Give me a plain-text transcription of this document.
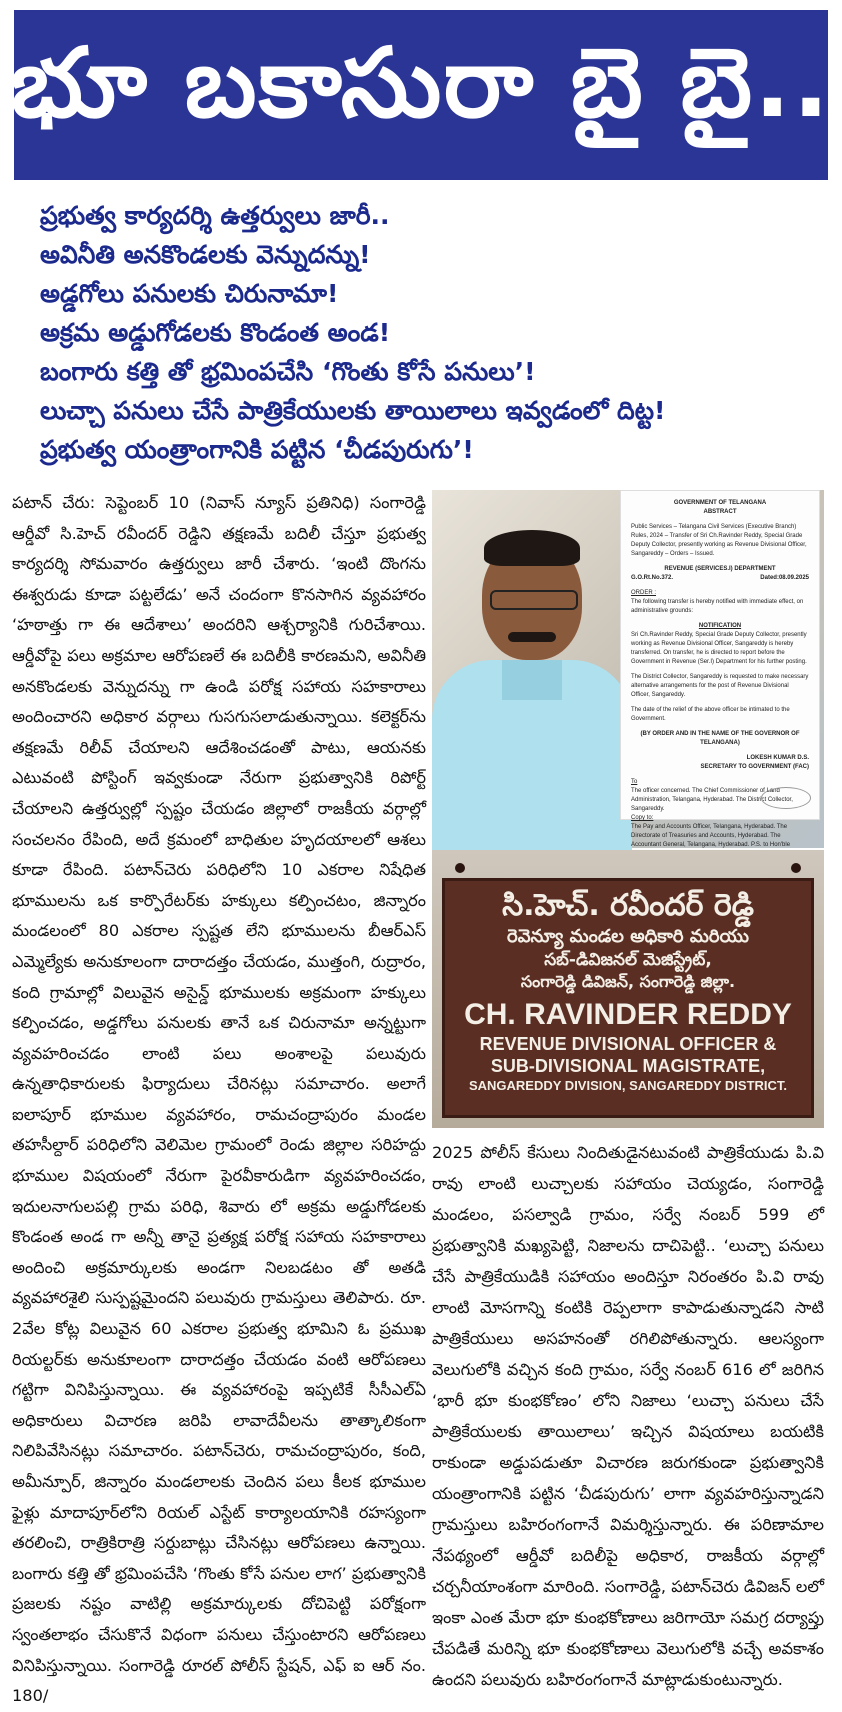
భూ బకాసురా బై బై..
ప్రభుత్వ కార్యదర్శి ఉత్తర్వులు జారీ..
అవినీతి అనకొండలకు వెన్నుదన్ను!
అడ్డగోలు పనులకు చిరునామా!
అక్రమ అడ్డుగోడలకు కొండంత అండ!
బంగారు కత్తి తో భ్రమింపచేసి ‘గొంతు కోసే పనులు’!
లుచ్చా పనులు చేసే పాత్రికేయులకు తాయిలాలు ఇవ్వడంలో దిట్ట!
ప్రభుత్వ యంత్రాంగానికి పట్టిన ‘చీడపురుగు’!

పటాన్ చేరు: సెప్టెంబర్ 10 (నివాస్ న్యూస్ ప్రతినిధి) సంగారెడ్డి ఆర్డీవో సి.హెచ్ రవీందర్ రెడ్డిని తక్షణమే బదిలీ చేస్తూ ప్రభుత్వ కార్యదర్శి సోమవారం ఉత్తర్వులు జారీ చేశారు. ‘ఇంటి దొంగను ఈశ్వరుడు కూడా పట్టలేడు’ అనే చందంగా కొనసాగిన వ్యవహారం ‘హఠాత్తు గా ఈ ఆదేశాలు’ అందరిని ఆశ్చర్యానికి గురిచేశాయి. ఆర్డీవోపై పలు అక్రమాల ఆరోపణలే ఈ బదిలీకి కారణమని, అవినీతి అనకొండలకు వెన్నుదన్ను గా ఉండి పరోక్ష సహాయ సహకారాలు అందించారని అధికార వర్గాలు గుసగుసలాడుతున్నాయి. కలెక్టర్‌ను తక్షణమే రిలీవ్ చేయాలని ఆదేశించడంతో పాటు, ఆయనకు ఎటువంటి పోస్టింగ్ ఇవ్వకుండా నేరుగా ప్రభుత్వానికి రిపోర్ట్ చేయాలని ఉత్తర్వుల్లో స్పష్టం చేయడం జిల్లాలో రాజకీయ వర్గాల్లో సంచలనం రేపింది, అదే క్రమంలో బాధితుల హృదయాలలో ఆశలు కూడా రేపింది. పటాన్‌చెరు పరిధిలోని 10 ఎకరాల నిషేధిత భూములను ఒక కార్పొరేటర్‌కు హక్కులు కల్పించటం, జిన్నారం మండలంలో 80 ఎకరాల స్పష్టత లేని భూములను బీఆర్ఎస్ ఎమ్మెల్యేకు అనుకూలంగా దారాదత్తం చేయడం, ముత్తంగి, రుద్రారం, కంది గ్రామాల్లో విలువైన అసైన్డ్ భూములకు అక్రమంగా హక్కులు కల్పించడం, అడ్డగోలు పనులకు తానే ఒక చిరునామా అన్నట్టుగా వ్యవహరించడం లాంటి పలు అంశాలపై పలువురు ఉన్నతాధికారులకు ఫిర్యాదులు చేరినట్లు సమాచారం. అలాగే ఐలాపూర్ భూముల వ్యవహారం, రామచంద్రాపురం మండల తహసీల్దార్ పరిధిలోని వెలిమెల గ్రామంలో రెండు జిల్లాల సరిహద్దు భూముల విషయంలో నేరుగా పైరవీకారుడిగా వ్యవహరించడం, ఇదులనాగులపల్లి గ్రామ పరిధి, శివారు లో అక్రమ అడ్డుగోడలకు కొండంత అండ గా అన్నీ తానై ప్రత్యక్ష పరోక్ష సహాయ సహకారాలు అందించి అక్రమార్కులకు అండగా నిలబడటం తో అతడి వ్యవహారశైలి సుస్పష్టమైందని పలువురు గ్రామస్తులు తెలిపారు. రూ. 2వేల కోట్ల విలువైన 60 ఎకరాల ప్రభుత్వ భూమిని ఓ ప్రముఖ రియల్టర్‌కు అనుకూలంగా దారాదత్తం చేయడం వంటి ఆరోపణలు గట్టిగా వినిపిస్తున్నాయి. ఈ వ్యవహారంపై ఇప్పటికే సీసీఎల్ఏ అధికారులు విచారణ జరిపి లావాదేవీలను తాత్కాలికంగా నిలిపివేసినట్లు సమాచారం. పటాన్‌చెరు, రామచంద్రాపురం, కంది, అమీన్పూర్, జిన్నారం మండలాలకు చెందిన పలు కీలక భూముల ఫైళ్లు మాదాపూర్‌లోని రియల్ ఎస్టేట్ కార్యాలయానికి రహస్యంగా తరలించి, రాత్రికిరాత్రి సర్దుబాట్లు చేసినట్లు ఆరోపణలు ఉన్నాయి. బంగారు కత్తి తో భ్రమింపచేసి ‘గొంతు కోసే పనుల లాగ’ ప్రభుత్వానికి ప్రజలకు నష్టం వాటిల్లి అక్రమార్కులకు దోచిపెట్టి పరోక్షంగా స్వంతలాభం చేసుకొనే విధంగా పనులు చేస్తుంటారని ఆరోపణలు వినిపిస్తున్నాయి. సంగారెడ్డి రూరల్ పోలీస్ స్టేషన్, ఎఫ్ ఐ ఆర్ నం. 180/

GOVERNMENT OF TELANGANA
ABSTRACT
Public Services – Telangana Civil Services (Executive Branch) Rules, 2024 – Transfer of Sri Ch.Ravinder Reddy, Special Grade Deputy Collector, presently working as Revenue Divisional Officer, Sangareddy – Orders – Issued.
REVENUE (SERVICES.I) DEPARTMENT
G.O.Rt.No.372.	Dated:08.09.2025
ORDER :
The following transfer is hereby notified with immediate effect, on administrative grounds:
NOTIFICATION
Sri Ch.Ravinder Reddy, Special Grade Deputy Collector, presently working as Revenue Divisional Officer, Sangareddy is hereby transferred. On transfer, he is directed to report before the Government in Revenue (Ser.I) Department for his further posting.
The District Collector, Sangareddy is requested to make necessary alternative arrangements for the post of Revenue Divisional Officer, Sangareddy.
The date of the relief of the above officer be intimated to the Government.
(BY ORDER AND IN THE NAME OF THE GOVERNOR OF TELANGANA)
LOKESH KUMAR D.S.
SECRETARY TO GOVERNMENT (FAC)
To
The officer concerned. The Chief Commissioner of Land Administration, Telangana, Hyderabad. The District Collector, Sangareddy.
Copy to:
The Pay and Accounts Officer, Telangana, Hyderabad. The Directorate of Treasuries and Accounts, Hyderabad. The Accountant General, Telangana, Hyderabad. P.S. to Hon'ble
సి.హెచ్. రవీందర్ రెడ్డి
రెవెన్యూ మండల అధికారి మరియు
సబ్-డివిజనల్ మెజిస్ట్రేట్,
సంగారెడ్డి డివిజన్, సంగారెడ్డి జిల్లా.
CH. RAVINDER REDDY
REVENUE DIVISIONAL OFFICER &
SUB-DIVISIONAL MAGISTRATE,
SANGAREDDY DIVISION, SANGAREDDY DISTRICT.

2025 పోలీస్ కేసులు నిందితుడైనటువంటి పాత్రికేయుడు పి.వి రావు లాంటి లుచ్చాలకు సహాయం చెయ్యడం, సంగారెడ్డి మండలం, పసల్వాడి గ్రామం, సర్వే నంబర్ 599 లో ప్రభుత్వానికి మఖ్యపెట్టి, నిజాలను దాచిపెట్టి.. ‘లుచ్చా పనులు చేసే పాత్రికేయుడికి సహాయం అందిస్తూ నిరంతరం పి.వి రావు లాంటి మోసగాన్ని కంటికి రెప్పలాగా కాపాడుతున్నాడని సాటి పాత్రికేయులు అసహనంతో రగిలిపోతున్నారు. ఆలస్యంగా వెలుగులోకి వచ్చిన కంది గ్రామం, సర్వే నంబర్ 616 లో జరిగిన ‘భారీ భూ కుంభకోణం’ లోని నిజాలు ‘లుచ్చా పనులు చేసే పాత్రికేయులకు తాయిలాలు’ ఇచ్చిన విషయాలు బయటికి రాకుండా అడ్డుపడుతూ విచారణ జరుగకుండా ప్రభుత్వానికి యంత్రాంగానికి పట్టిన ‘చీడపురుగు’ లాగా వ్యవహరిస్తున్నాడని గ్రామస్తులు బహిరంగంగానే విమర్శిస్తున్నారు. ఈ పరిణామాల నేపథ్యంలో ఆర్డీవో బదిలీపై అధికార, రాజకీయ వర్గాల్లో చర్చనీయాంశంగా మారింది. సంగారెడ్డి, పటాన్‌చెరు డివిజన్ లలో ఇంకా ఎంత మేరా భూ కుంభకోణాలు జరిగాయో సమగ్ర దర్యాప్తు చేపడితే మరిన్ని భూ కుంభకోణాలు వెలుగులోకి వచ్చే అవకాశం ఉందని పలువురు బహిరంగంగానే మాట్లాడుకుంటున్నారు.
